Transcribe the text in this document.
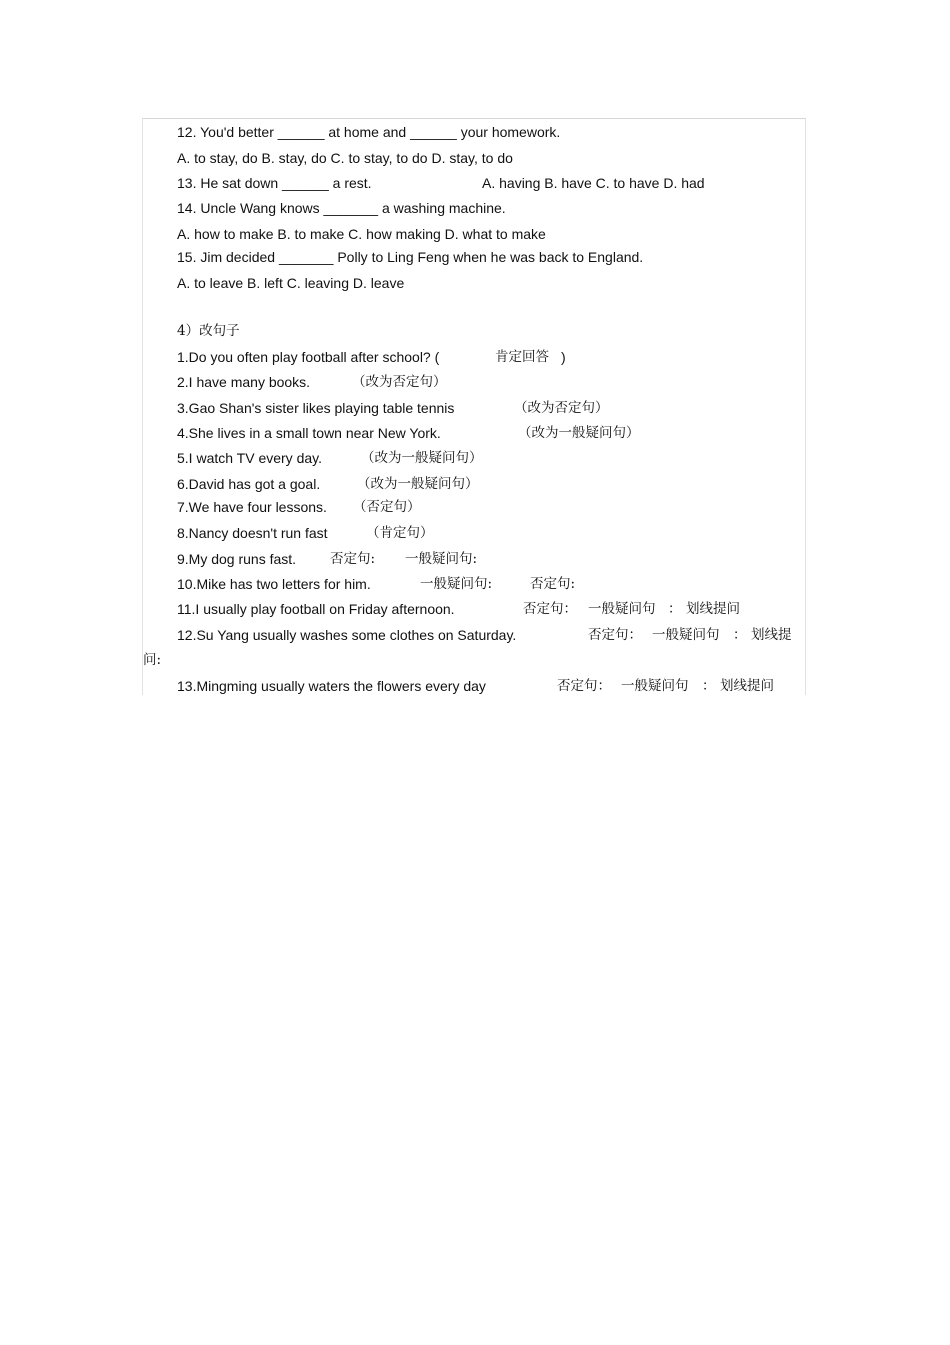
12. You'd better ______ at home and ______ your homework.
A. to stay, do B. stay, do C. to stay, to do D. stay, to do
13. He sat down ______ a rest.	A. having B. have C. to have D. had
14. Uncle Wang knows _______ a washing machine.
A. how to make B. to make C. how making D. what to make
15. Jim decided _______ Polly to Ling Feng when he was back to England.
A. to leave B. left C. leaving D. leave
4）改句子
1.Do you often play football after school? (	肯定回答 )
2.I have many books.	（改为否定句）
3.Gao Shan's sister likes playing table tennis	（改为否定句）
4.She lives in a small town near New York.	（改为一般疑问句）
5.I watch TV every day.	（改为一般疑问句）
6.David has got a goal.	（改为一般疑问句）
7.We have four lessons. （否定句）
8.Nancy doesn't run fast	（肯定句）
9.My dog runs fast.	否定句: 一般疑问句:
10.Mike has two letters for him.	一般疑问句:	否定句:
11.I usually play football on Friday afternoon.	否定句： 一般疑问句 ： 划线提问
12.Su Yang usually washes some clothes on Saturday.	否定句： 一般疑问句 ： 划线提
问:
13.Mingming usually waters the flowers every day	否定句： 一般疑问句 ： 划线提问
